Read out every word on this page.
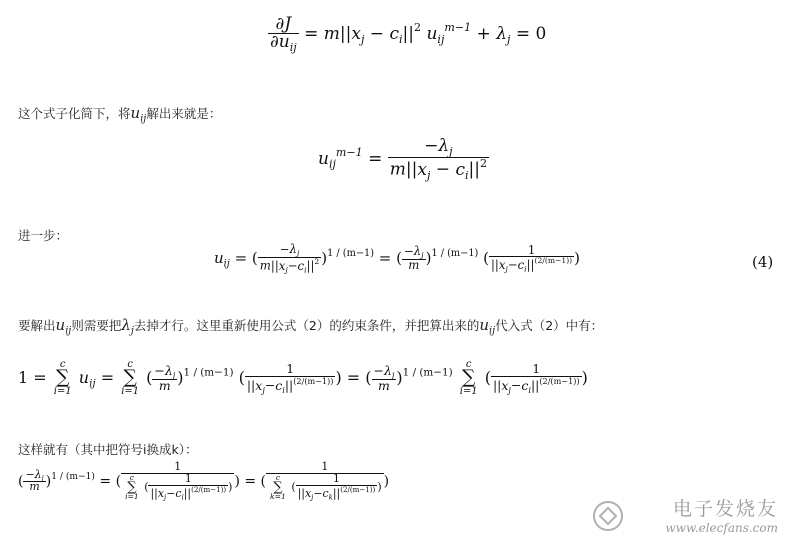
$\frac{\partial J}{\partial u_{ij}} = m||x_j - c_i||^2$ $u_{ij}^{m-1} + \lambda_j = 0$
这个式子化简下，将$u_{ij}$解出来就是：
$u_{ij}^{m-1} = \frac{-\lambda_j}{m||x_j - c_i||^2}$
进一步：
$u_{ij}$ = ( $\frac{-\lambda_j}{m||x_j-c_i||^2} )^{1 / (m-1)}$ = ( $\frac{-\lambda_j}{m} )^{1 / (m-1)}$ ( $\frac{1}{||x_j-c_i||^{(2/(m-1))}}$ )	(4)
要解出$u_{ij}$则需要把$\lambda_j$去掉才行。这里重新使用公式（2）的约束条件，并把算出来的$u_{ij}$代入式（2）中有：
1 =
c
∑
i=1
$u_{ij}$ =
c
∑
i=1
( $\frac{-\lambda_j}{m} )^{1 / (m-1)}$ ( $\frac{1}{||x_j-c_i||^{(2/(m-1))}}$ ) = ( $\frac{-\lambda_j}{m} )^{1 / (m-1)}$
c
∑
i=1
( $\frac{1}{||x_j-c_i||^{(2/(m-1))}}$ )
这样就有（其中把符号i换成k）：
( $\frac{-\lambda_j}{m} )^{1 / (m-1)}$ = ( 1
c
∑
i=1
( $\frac{1}{||x_j-c_i||^{(2/(m-1))}}$ ) ) = ( 1
c
∑
k=1
( $\frac{1}{||x_j-c_k||^{(2/(m-1))}}$ ) )
电子发烧友
www.elecfans.com
